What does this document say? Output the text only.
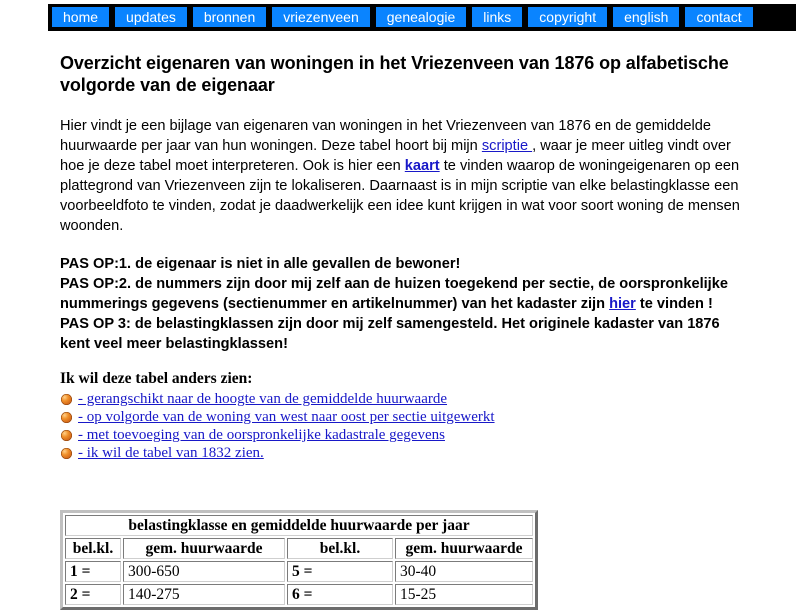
home updates bronnen vriezenveen genealogie links copyright english contact
Overzicht eigenaren van woningen in het Vriezenveen van 1876 op alfabetische volgorde van de eigenaar

Hier vindt je een bijlage van eigenaren van woningen in het Vriezenveen van 1876 en de gemiddelde huurwaarde per jaar van hun woningen. Deze tabel hoort bij mijn scriptie , waar je meer uitleg vindt over hoe je deze tabel moet interpreteren. Ook is hier een kaart te vinden waarop de woningeigenaren op een plattegrond van Vriezenveen zijn te lokaliseren. Daarnaast is in mijn scriptie van elke belastingklasse een voorbeeldfoto te vinden, zodat je daadwerkelijk een idee kunt krijgen in wat voor soort woning de mensen woonden.

PAS OP:1. de eigenaar is niet in alle gevallen de bewoner!
PAS OP:2. de nummers zijn door mij zelf aan de huizen toegekend per sectie, de oorspronkelijke nummerings gegevens (sectienummer en artikelnummer) van het kadaster zijn hier te vinden !
PAS OP 3: de belastingklassen zijn door mij zelf samengesteld. Het originele kadaster van 1876 kent veel meer belastingklassen!

Ik wil deze tabel anders zien:
- gerangschikt naar de hoogte van de gemiddelde huurwaarde
- op volgorde van de woning van west naar oost per sectie uitgewerkt
- met toevoeging van de oorspronkelijke kadastrale gegevens
- ik wil de tabel van 1832 zien.
belastingklasse en gemiddelde huurwaarde per jaar			
bel.kl.	gem. huurwaarde	bel.kl.	gem. huurwaarde
1 =	300-650	5 =	30-40
2 =	140-275	6 =	15-25
